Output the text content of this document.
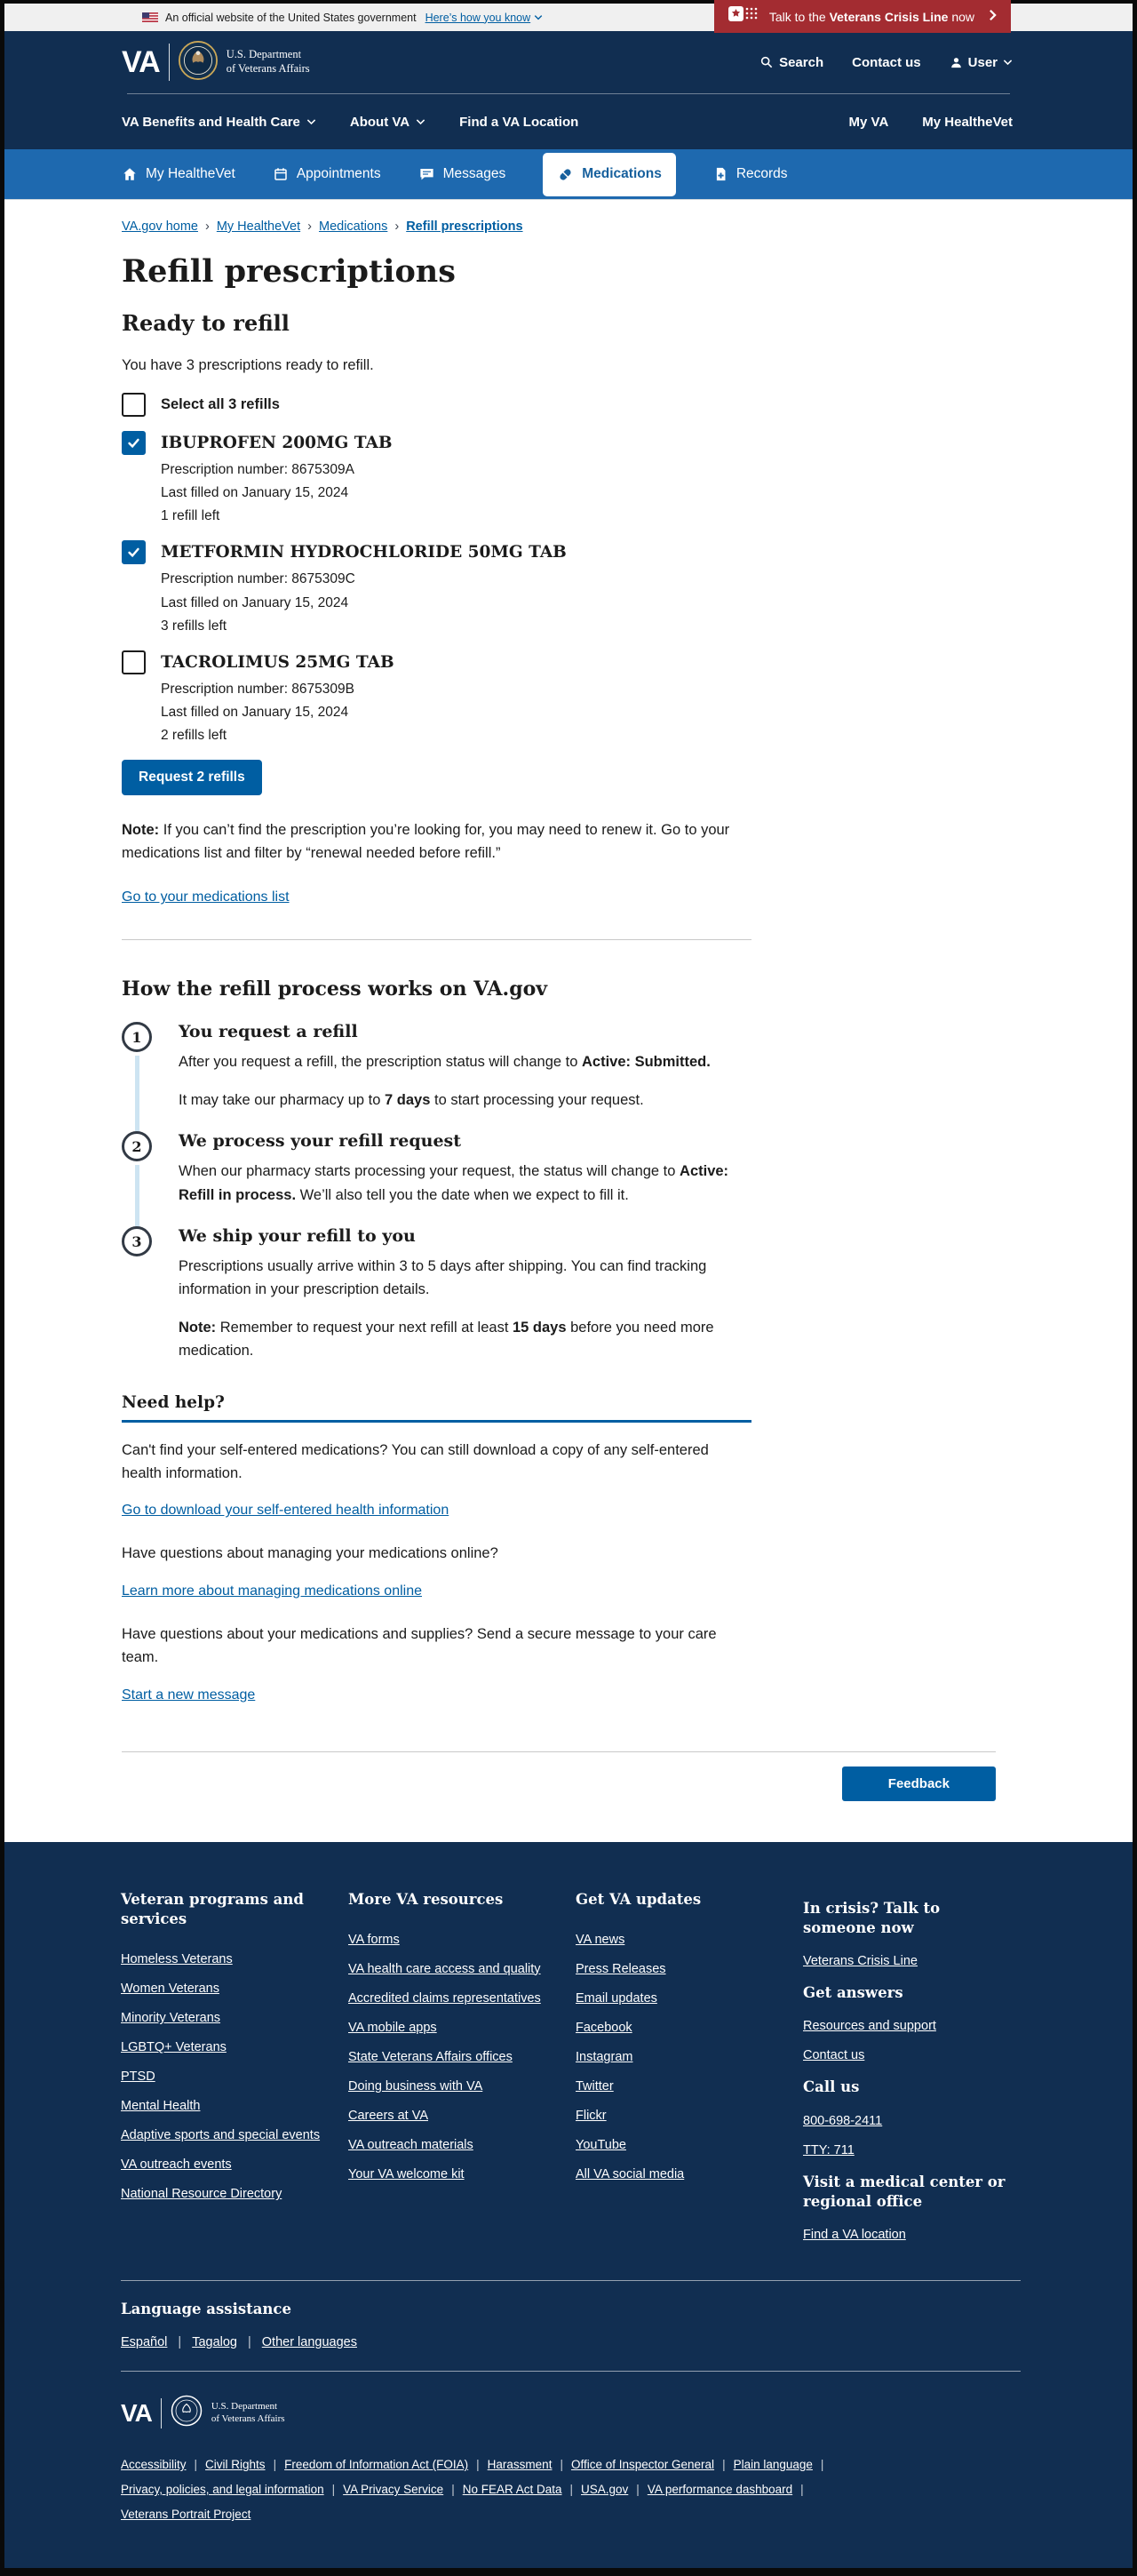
An official website of the United States government Here’s how you know	Talk to the Veterans Crisis Line now
VA	U.S. Department
of Veterans Affairs	Search Contact us	User
VA Benefits and Health Care	About VA	Find a VA Location	My VA	My HealtheVet
My HealtheVet	Appointments	Messages	Medications	Records
VA.gov home › My HealtheVet › Medications › Refill prescriptions
Refill prescriptions
Ready to refill

You have 3 prescriptions ready to refill.

Select all 3 refills
IBUPROFEN 200MG TAB
Prescription number: 8675309A
Last filled on January 15, 2024
1 refill left
METFORMIN HYDROCHLORIDE 50MG TAB
Prescription number: 8675309C
Last filled on January 15, 2024
3 refills left
TACROLIMUS 25MG TAB
Prescription number: 8675309B
Last filled on January 15, 2024
2 refills left
Request 2 refills

Note: If you can’t find the prescription you’re looking for, you may need to renew it. Go to your medications list and filter by “renewal needed before refill.”

Go to your medications list
How the refill process works on VA.gov
1	You request a refill

After you request a refill, the prescription status will change to Active: Submitted.

It may take our pharmacy up to 7 days to start processing your request.

2	We process your refill request

When our pharmacy starts processing your request, the status will change to Active: Refill in process. We’ll also tell you the date when we expect to fill it.

3	We ship your refill to you

Prescriptions usually arrive within 3 to 5 days after shipping. You can find tracking information in your prescription details.

Note: Remember to request your next refill at least 15 days before you need more medication.

Need help?

Can't find your self-entered medications? You can still download a copy of any self-entered health information.

Go to download your self-entered health information

Have questions about managing your medications online?

Learn more about managing medications online

Have questions about your medications and supplies? Send a secure message to your care team.

Start a new message
Feedback
Veteran programs and services
Homeless Veterans
Women Veterans
Minority Veterans
LGBTQ+ Veterans
PTSD
Mental Health
Adaptive sports and special events
VA outreach events
National Resource Directory
More VA resources
VA forms
VA health care access and quality
Accredited claims representatives
VA mobile apps
State Veterans Affairs offices
Doing business with VA
Careers at VA
VA outreach materials
Your VA welcome kit
Get VA updates
VA news
Press Releases
Email updates
Facebook
Instagram
Twitter
Flickr
YouTube
All VA social media
In crisis? Talk to someone now
Veterans Crisis Line
Get answers
Resources and support
Contact us
Call us
800-698-2411
TTY: 711
Visit a medical center or regional office
Find a VA location
Language assistance
Español | Tagalog | Other languages
VA	U.S. Department
of Veterans Affairs
Accessibility | Civil Rights | Freedom of Information Act (FOIA) | Harassment | Office of Inspector General | Plain language |
Privacy, policies, and legal information | VA Privacy Service | No FEAR Act Data | USA.gov | VA performance dashboard |
Veterans Portrait Project
